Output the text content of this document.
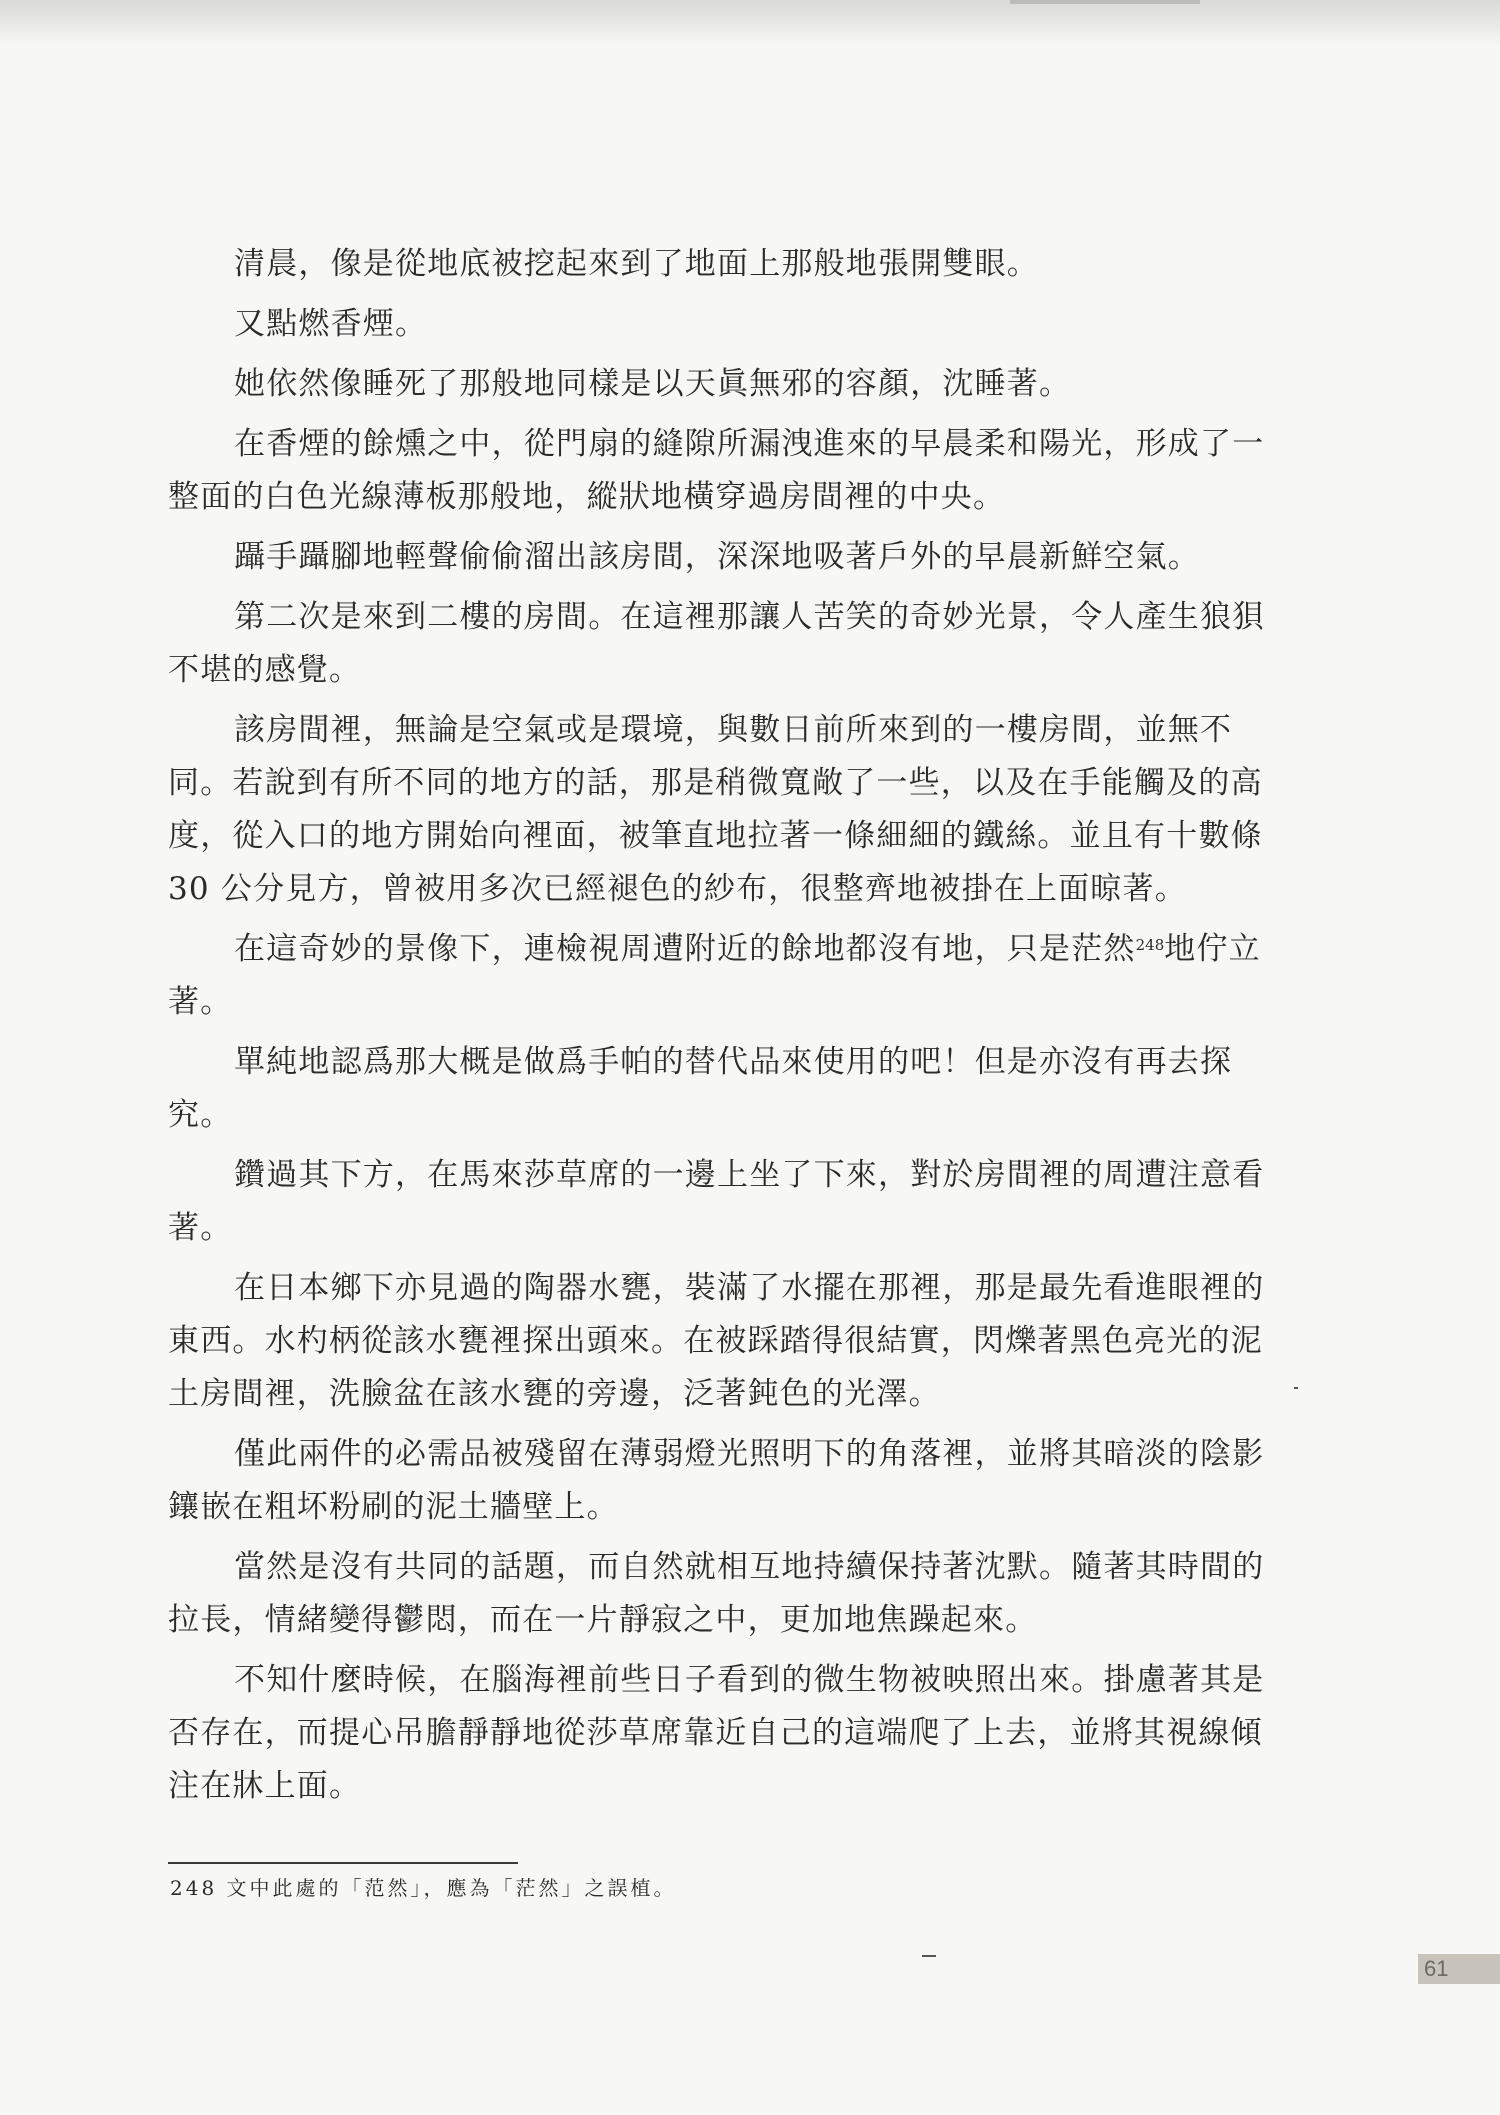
清晨，像是從地底被挖起來到了地面上那般地張開雙眼。

又點燃香煙。

她依然像睡死了那般地同樣是以天眞無邪的容顏，沈睡著。

在香煙的餘燻之中，從門扇的縫隙所漏洩進來的早晨柔和陽光，形成了一整面的白色光線薄板那般地，縱狀地橫穿過房間裡的中央。

躡手躡腳地輕聲偷偷溜出該房間，深深地吸著戶外的早晨新鮮空氣。

第二次是來到二樓的房間。在這裡那讓人苦笑的奇妙光景，令人產生狼狽不堪的感覺。

該房間裡，無論是空氣或是環境，與數日前所來到的一樓房間，並無不同。若說到有所不同的地方的話，那是稍微寬敞了一些，以及在手能觸及的高度，從入口的地方開始向裡面，被筆直地拉著一條細細的鐵絲。並且有十數條30 公分見方，曾被用多次已經褪色的紗布，很整齊地被掛在上面晾著。

在這奇妙的景像下，連檢視周遭附近的餘地都沒有地，只是茫然$^{248}$地佇立著。

單純地認爲那大概是做爲手帕的替代品來使用的吧！但是亦沒有再去探究。

鑽過其下方，在馬來莎草席的一邊上坐了下來，對於房間裡的周遭注意看著。

在日本鄉下亦見過的陶器水甕，裝滿了水擺在那裡，那是最先看進眼裡的東西。水杓柄從該水甕裡探出頭來。在被踩踏得很結實，閃爍著黑色亮光的泥土房間裡，洗臉盆在該水甕的旁邊，泛著鈍色的光澤。

僅此兩件的必需品被殘留在薄弱燈光照明下的角落裡，並將其暗淡的陰影鑲嵌在粗坏粉刷的泥土牆壁上。

當然是沒有共同的話題，而自然就相互地持續保持著沈默。隨著其時間的拉長，情緒變得鬱悶，而在一片靜寂之中，更加地焦躁起來。

不知什麼時候，在腦海裡前些日子看到的微生物被映照出來。掛慮著其是否存在，而提心吊膽靜靜地從莎草席靠近自己的這端爬了上去，並將其視線傾注在牀上面。

248 文中此處的「范然」，應為「茫然」之誤植。
61
